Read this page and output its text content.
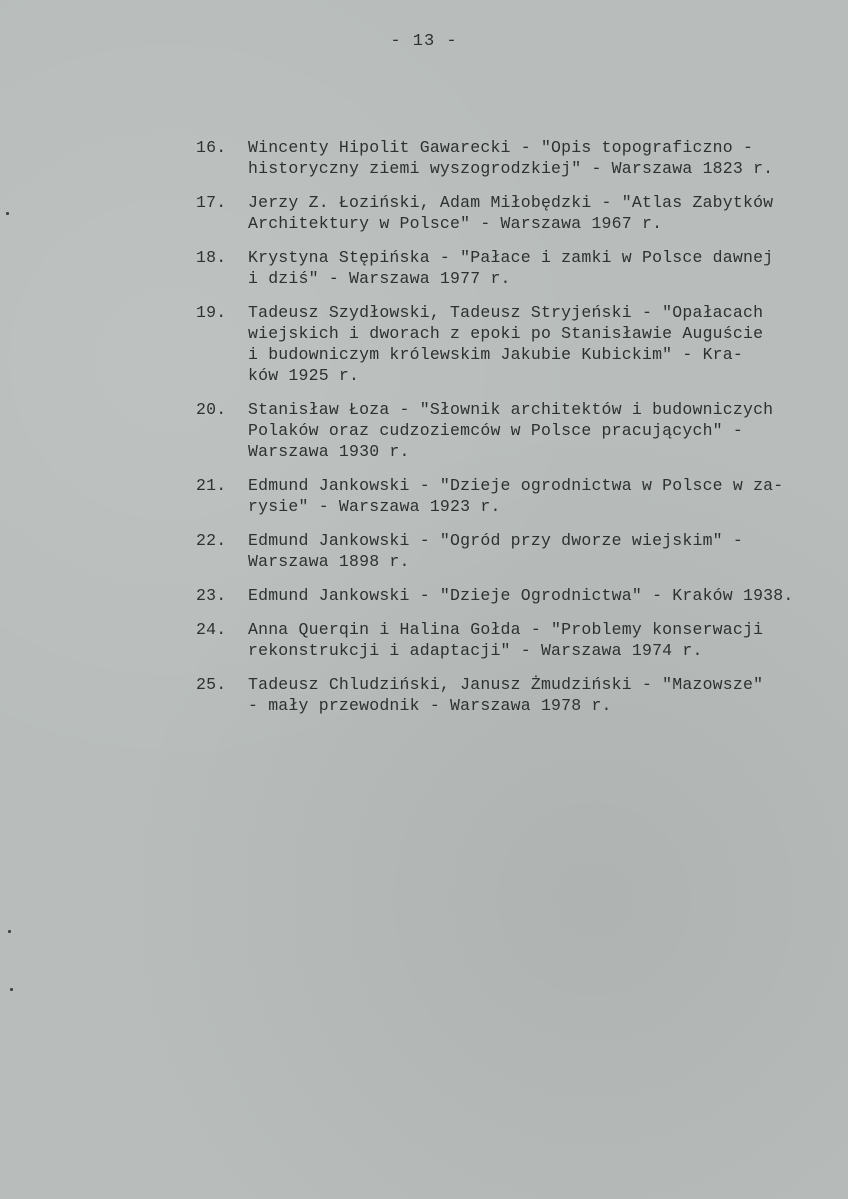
- 13 -
16. Wincenty Hipolit Gawarecki - "Opis topograficzno -
historyczny ziemi wyszogrodzkiej" - Warszawa 1823 r.
17. Jerzy Z. Łoziński, Adam Miłobędzki - "Atlas Zabytków
Architektury w Polsce" - Warszawa 1967 r.
18. Krystyna Stępińska - "Pałace i zamki w Polsce dawnej
i dziś" - Warszawa 1977 r.
19. Tadeusz Szydłowski, Tadeusz Stryjeński - "Opałacach
wiejskich i dworach z epoki po Stanisławie Auguście
i budowniczym królewskim Jakubie Kubickim" - Kra-
ków 1925 r.
20. Stanisław Łoza - "Słownik architektów i budowniczych
Polaków oraz cudzoziemców w Polsce pracujących" -
Warszawa 1930 r.
21. Edmund Jankowski - "Dzieje ogrodnictwa w Polsce w za-
rysie" - Warszawa 1923 r.
22. Edmund Jankowski - "Ogród przy dworze wiejskim" -
Warszawa 1898 r.
23. Edmund Jankowski - "Dzieje Ogrodnictwa" - Kraków 1938.
24. Anna Querqin i Halina Gołda - "Problemy konserwacji
rekonstrukcji i adaptacji" - Warszawa 1974 r.
25. Tadeusz Chludziński, Janusz Żmudziński - "Mazowsze"
- mały przewodnik - Warszawa 1978 r.
